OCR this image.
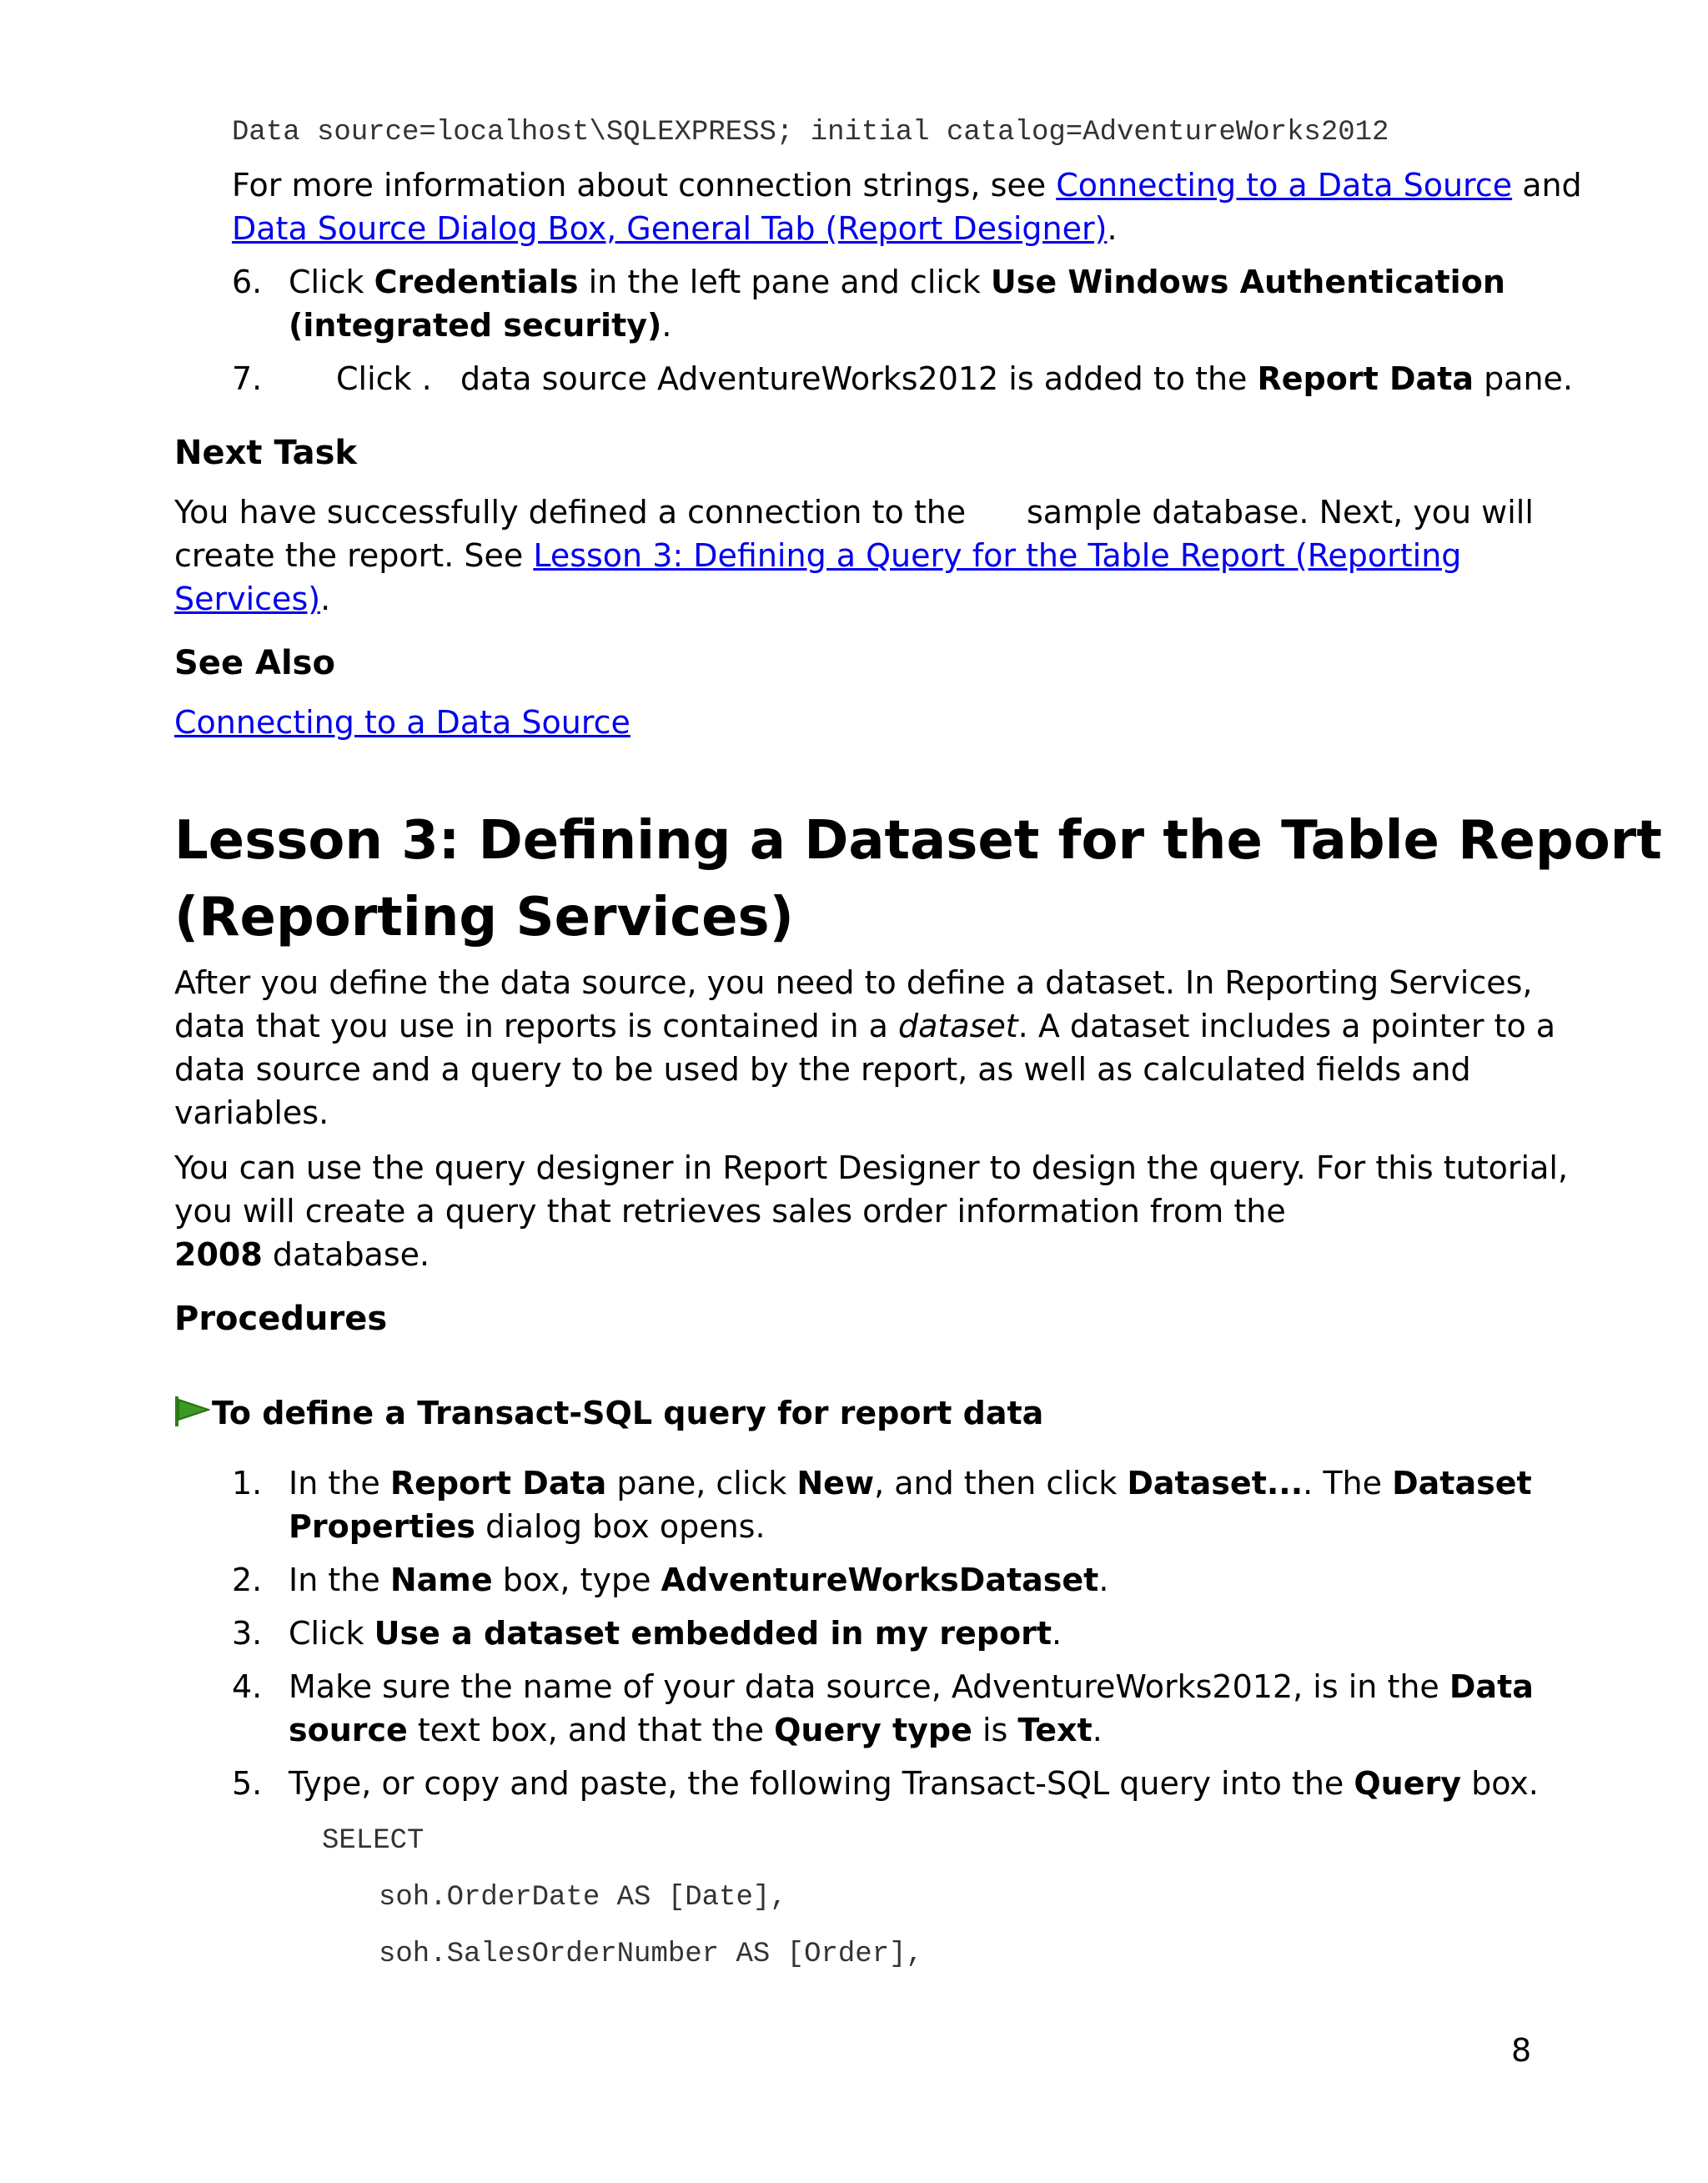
Data source=localhost\SQLEXPRESS; initial catalog=AdventureWorks2012
For more information about connection strings, see Connecting to a Data Source and
Data Source Dialog Box, General Tab (Report Designer).
6. Click Credentials in the left pane and click Use Windows Authentication
(integrated security).
7.	Click . data source AdventureWorks2012 is added to the Report Data pane.
Next Task
You have successfully defined a connection to the sample database. Next, you will
create the report. See Lesson 3: Defining a Query for the Table Report (Reporting
Services).
See Also
Connecting to a Data Source
Lesson 3: Defining a Dataset for the Table Report
(Reporting Services)
After you define the data source, you need to define a dataset. In Reporting Services,
data that you use in reports is contained in a dataset. A dataset includes a pointer to a
data source and a query to be used by the report, as well as calculated fields and
variables.
You can use the query designer in Report Designer to design the query. For this tutorial,
you will create a query that retrieves sales order information from the
2008 database.
Procedures
To define a Transact-SQL query for report data
1. In the Report Data pane, click New, and then click Dataset.... The Dataset
Properties dialog box opens.
2. In the Name box, type AdventureWorksDataset.
3. Click Use a dataset embedded in my report.
4. Make sure the name of your data source, AdventureWorks2012, is in the Data
source text box, and that the Query type is Text.
5. Type, or copy and paste, the following Transact-SQL query into the Query box.
SELECT
soh.OrderDate AS [Date],
soh.SalesOrderNumber AS [Order],
8
